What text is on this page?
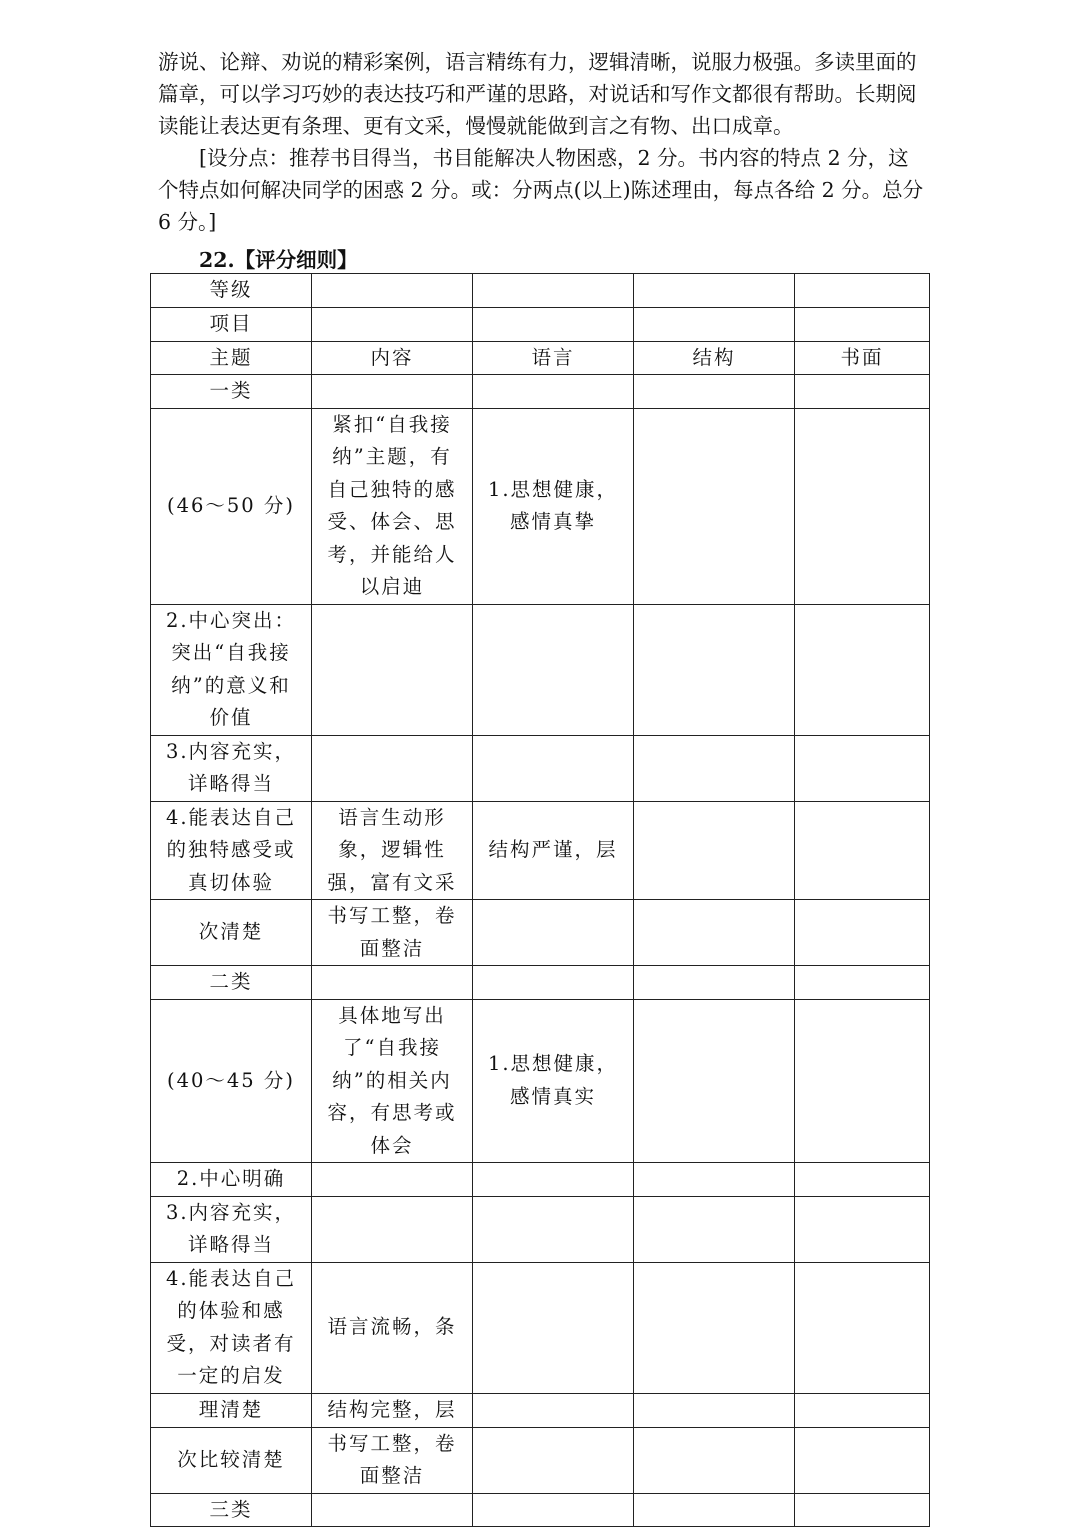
游说、论辩、劝说的精彩案例，语言精练有力，逻辑清晰，说服力极强。多读里面的篇章，可以学习巧妙的表达技巧和严谨的思路，对说话和写作文都很有帮助。长期阅读能让表达更有条理、更有文采，慢慢就能做到言之有物、出口成章。

[设分点：推荐书目得当，书目能解决人物困惑，2 分。书内容的特点 2 分，这个特点如何解决同学的困惑 2 分。或：分两点(以上)陈述理由，每点各给 2 分。总分 6 分。]

22.【评分细则】

等级				
项目				
主题	内容	语言	结构	书面
一类				
(46～50 分)	紧扣“自我接纳”主题，有自己独特的感受、体会、思考，并能给人以启迪	1.思想健康，感情真挚		
2.中心突出：突出“自我接纳”的意义和价值				
3.内容充实，详略得当				
4.能表达自己的独特感受或真切体验	语言生动形象，逻辑性强，富有文采	结构严谨，层		
次清楚	书写工整，卷面整洁			
二类				
(40～45 分)	具体地写出了“自我接纳”的相关内容，有思考或体会	1.思想健康，感情真实		
2.中心明确				
3.内容充实，详略得当				
4.能表达自己的体验和感受，对读者有一定的启发	语言流畅，条			
理清楚	结构完整，层			
次比较清楚	书写工整，卷面整洁			
三类				
